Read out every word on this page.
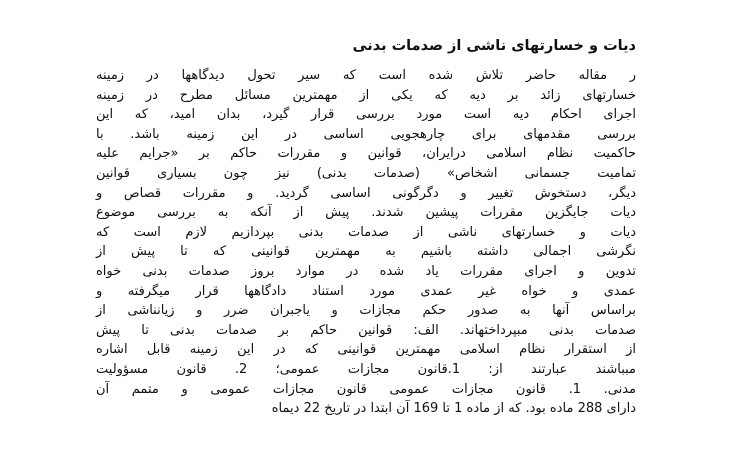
دیات و خسارتهای ناشی از صدمات بدنی
ر مقاله حاضر تلاش شده است که سیر تحول دیدگاهها در زمینه
خسارتهای زائد بر دیه که یکی از مهمترین مسائل مطرح در زمینه
اجرای احکام دیه است مورد بررسی قرار گیرد، بدان امید، که این
بررسی مقدمهای برای چارهجویی اساسی در این زمینه باشد. با
حاکمیت نظام اسلامی درایران، قوانین و مقررات حاکم بر «جرایم علیه
تمامیت جسمانی اشخاص» (صدمات بدنی) نیز چون بسیاری قوانین
دیگر، دستخوش تغییر و دگرگونی اساسی گردید. و مقررات قصاص و
دیات جایگزین مقررات پیشین شدند. پیش از آنکه به بررسی موضوع
دیات و خسارتهای ناشی از صدمات بدنی بپردازیم لازم است که
نگرشی اجمالی داشته باشیم به مهمترین قوانینی که تا پیش از
تدوین و اجرای مقررات یاد شده در موارد بروز صدمات بدنی خواه
عمدی و خواه غیر عمدی مورد استناد دادگاهها قرار میگرفته و
براساس آنها به صدور حکم مجازات و یاجبران ضرر و زیانناشی از
صدمات بدنی مبپرداختهاند. الف: قوانین حاکم بر صدمات بدنی تا پیش
از استقرار نظام اسلامی مهمترین قوانینی که در این زمینه قابل اشاره
مبباشند عبارتند از: 1.قانون مجازات عمومی؛ 2. قانون مسؤولیت
مدنی. 1. قانون مجازات عمومی قانون مجازات عمومی و متمم آن
دارای 288 ماده بود. که از ماده 1 تا 169 آن ابتدا در تاریخ 22 دیماه
